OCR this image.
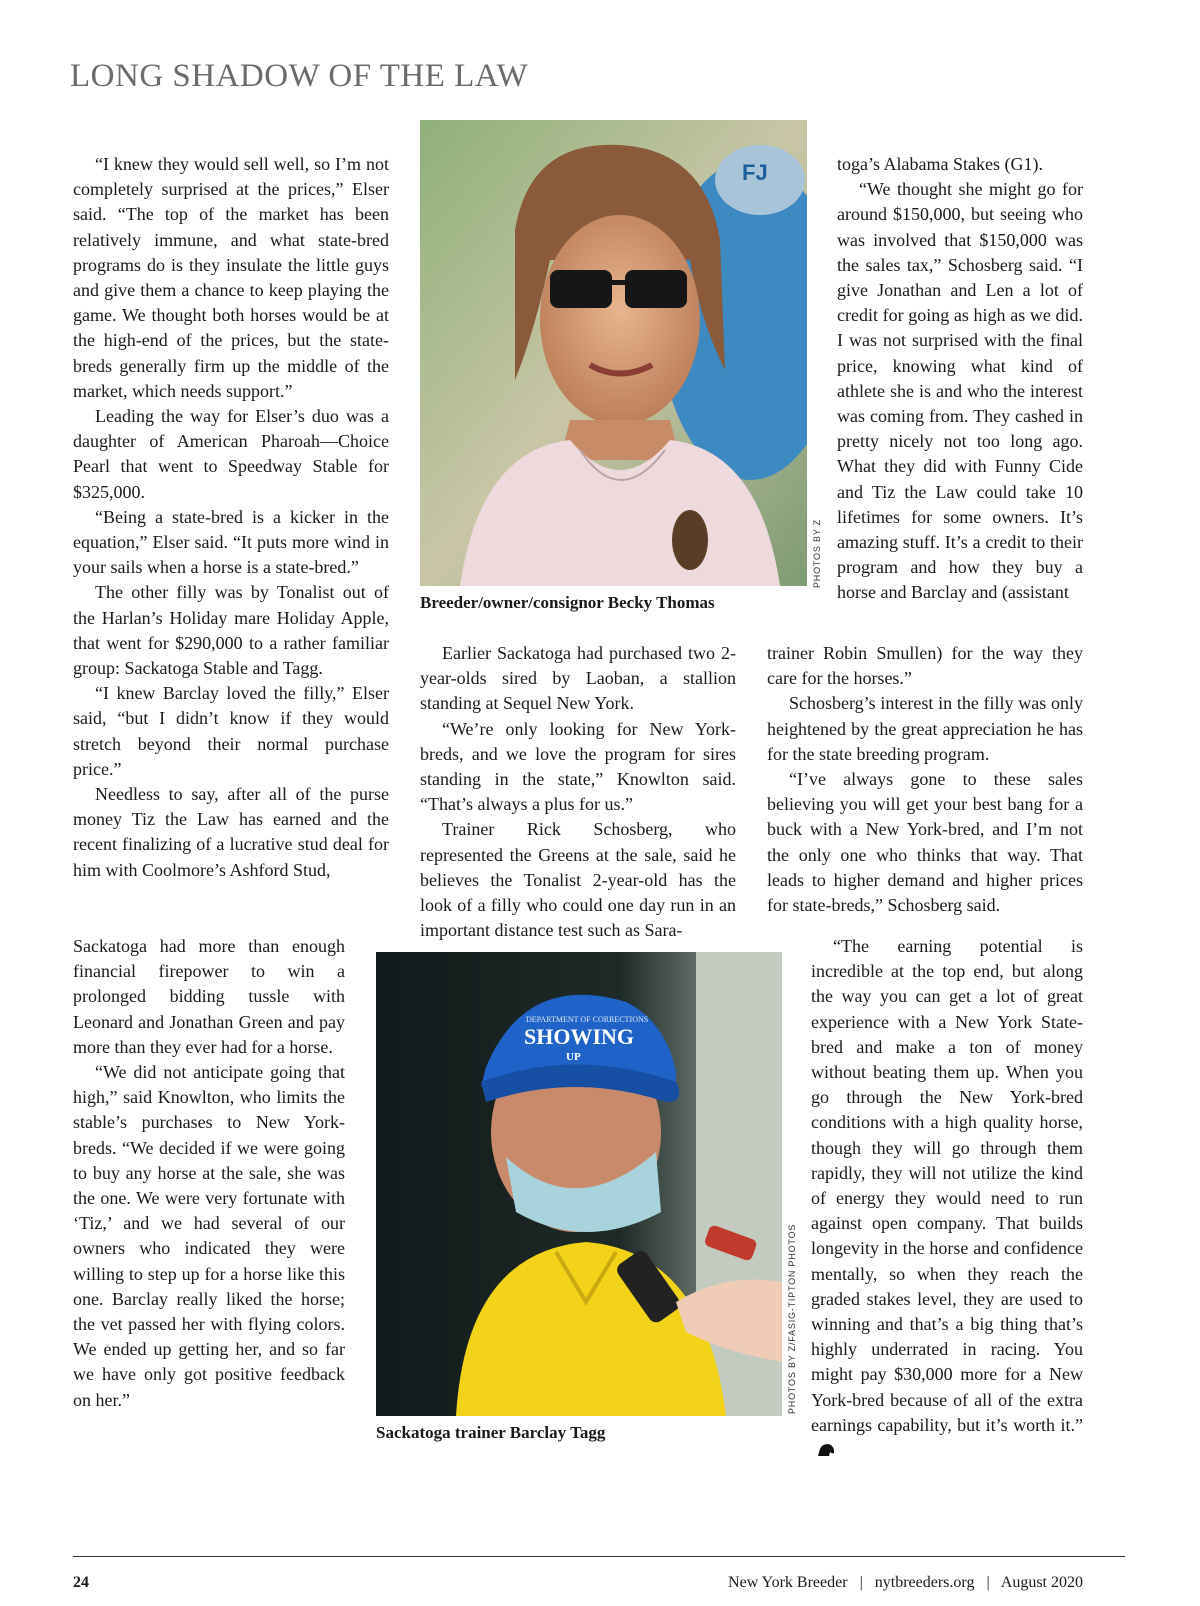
LONG SHADOW OF THE LAW

“I knew they would sell well, so I’m not completely surprised at the prices,” Elser said. “The top of the market has been relatively immune, and what state-bred programs do is they insulate the little guys and give them a chance to keep playing the game. We thought both horses would be at the high-end of the prices, but the state-breds generally firm up the middle of the market, which needs support.”

Leading the way for Elser’s duo was a daughter of American Pharoah—Choice Pearl that went to Speedway Stable for $325,000.

“Being a state-bred is a kicker in the equation,” Elser said. “It puts more wind in your sails when a horse is a state-bred.”

The other filly was by Tonalist out of the Harlan’s Holiday mare Holiday Apple, that went for $290,000 to a rather familiar group: Sackatoga Stable and Tagg.

“I knew Barclay loved the filly,” Elser said, “but I didn’t know if they would stretch beyond their normal purchase price.”

Needless to say, after all of the purse money Tiz the Law has earned and the recent finalizing of a lucrative stud deal for him with Coolmore’s Ashford Stud,

Sackatoga had more than enough financial firepower to win a prolonged bidding tussle with Leonard and Jonathan Green and pay more than they ever had for a horse.

“We did not anticipate going that high,” said Knowlton, who limits the stable’s purchases to New York-breds. “We decided if we were going to buy any horse at the sale, she was the one. We were very fortunate with ‘Tiz,’ and we had several of our owners who indicated they were willing to step up for a horse like this one. Barclay really liked the horse; the vet passed her with flying colors. We ended up getting her, and so far we have only got positive feedback on her.”

FJ
PHOTOS BY Z
Breeder/owner/consignor Becky Thomas

Earlier Sackatoga had purchased two 2-year-olds sired by Laoban, a stallion standing at Sequel New York.

“We’re only looking for New York-breds, and we love the program for sires standing in the state,” Knowlton said. “That’s always a plus for us.”

Trainer Rick Schosberg, who represented the Greens at the sale, said he believes the Tonalist 2-year-old has the look of a filly who could one day run in an important distance test such as Sara-

toga’s Alabama Stakes (G1).

“We thought she might go for around $150,000, but seeing who was involved that $150,000 was the sales tax,” Schosberg said. “I give Jonathan and Len a lot of credit for going as high as we did. I was not surprised with the final price, knowing what kind of athlete she is and who the interest was coming from. They cashed in pretty nicely not too long ago. What they did with Funny Cide and Tiz the Law could take 10 lifetimes for some owners. It’s amazing stuff. It’s a credit to their program and how they buy a horse and Barclay and (assistant

trainer Robin Smullen) for the way they care for the horses.”

Schosberg’s interest in the filly was only heightened by the great appreciation he has for the state breeding program.

“I’ve always gone to these sales believing you will get your best bang for a buck with a New York-bred, and I’m not the only one who thinks that way. That leads to higher demand and higher prices for state-breds,” Schosberg said.

“The earning potential is incredible at the top end, but along the way you can get a lot of great experience with a New York State-bred and make a ton of money without beating them up. When you go through the New York-bred conditions with a high quality horse, though they will go through them rapidly, they will not utilize the kind of energy they would need to run against open company. That builds longevity in the horse and confidence mentally, so when they reach the graded stakes level, they are used to winning and that’s a big thing that’s highly underrated in racing. You might pay $30,000 more for a New York-bred because of all of the extra earnings capability, but it’s worth it.”

DEPARTMENT OF CORRECTIONS
SHOWING
UP
PHOTOS BY Z/FASIG-TIPTON PHOTOS
Sackatoga trainer Barclay Tagg
24	New York Breeder | nytbreeders.org | August 2020
